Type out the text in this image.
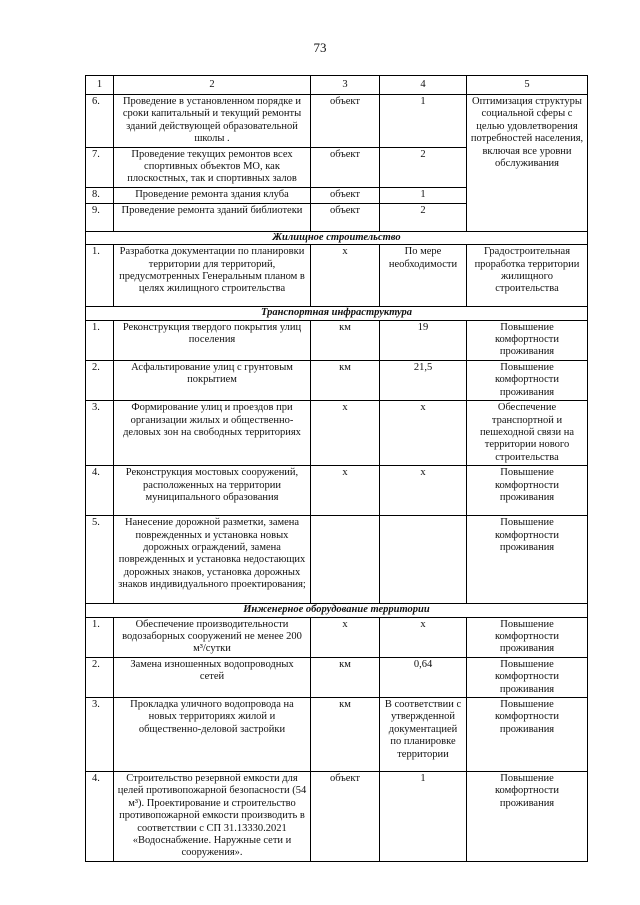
73
1	2	3	4	5
6.	Проведение в установленном порядке и сроки капитальный и текущий ремонты зданий действующей образовательной школы .	объект	1	Оптимизация структуры социальной сферы с целью удовлетворения потребностей населения, включая все уровни обслуживания
7.	Проведение текущих ремонтов всех спортивных объектов МО, как плоскостных, так и спортивных залов	объект	2	
8.	Проведение ремонта здания клуба	объект	1	
9.	Проведение ремонта зданий библиотеки	объект	2	
Жилищное строительство				
1.	Разработка документации по планировки территории для территорий, предусмотренных Генеральным планом в целях жилищного строительства	х	По мере необходимости	Градостроительная проработка территории жилищного строительства
Транспортная инфраструктура				
1.	Реконструкция твердого покрытия улиц поселения	км	19	Повышение комфортности проживания
2.	Асфальтирование улиц с грунтовым покрытием	км	21,5	Повышение комфортности проживания
3.	Формирование улиц и проездов при организации жилых и общественно-деловых зон на свободных территориях	х	х	Обеспечение транспортной и пешеходной связи на территории нового строительства
4.	Реконструкция мостовых сооружений, расположенных на территории муниципального образования	х	х	Повышение комфортности проживания
5.	Нанесение дорожной разметки, замена поврежденных и установка новых дорожных ограждений, замена поврежденных и установка недостающих дорожных знаков, установка дорожных знаков индивидуального проектирования;			Повышение комфортности проживания
Инженерное оборудование территории				
1.	Обеспечение производительности водозаборных сооружений не менее 200 м³/сутки	х	х	Повышение комфортности проживания
2.	Замена изношенных водопроводных сетей	км	0,64	Повышение комфортности проживания
3.	Прокладка уличного водопровода на новых территориях жилой и общественно-деловой застройки	км	В соответствии с утвержденной документацией по планировке территории	Повышение комфортности проживания
4.	Строительство резервной емкости для целей противопожарной безопасности (54 м³). Проектирование и строительство противопожарной емкости производить в соответствии с СП 31.13330.2021 «Водоснабжение. Наружные сети и сооружения».	объект	1	Повышение комфортности проживания
